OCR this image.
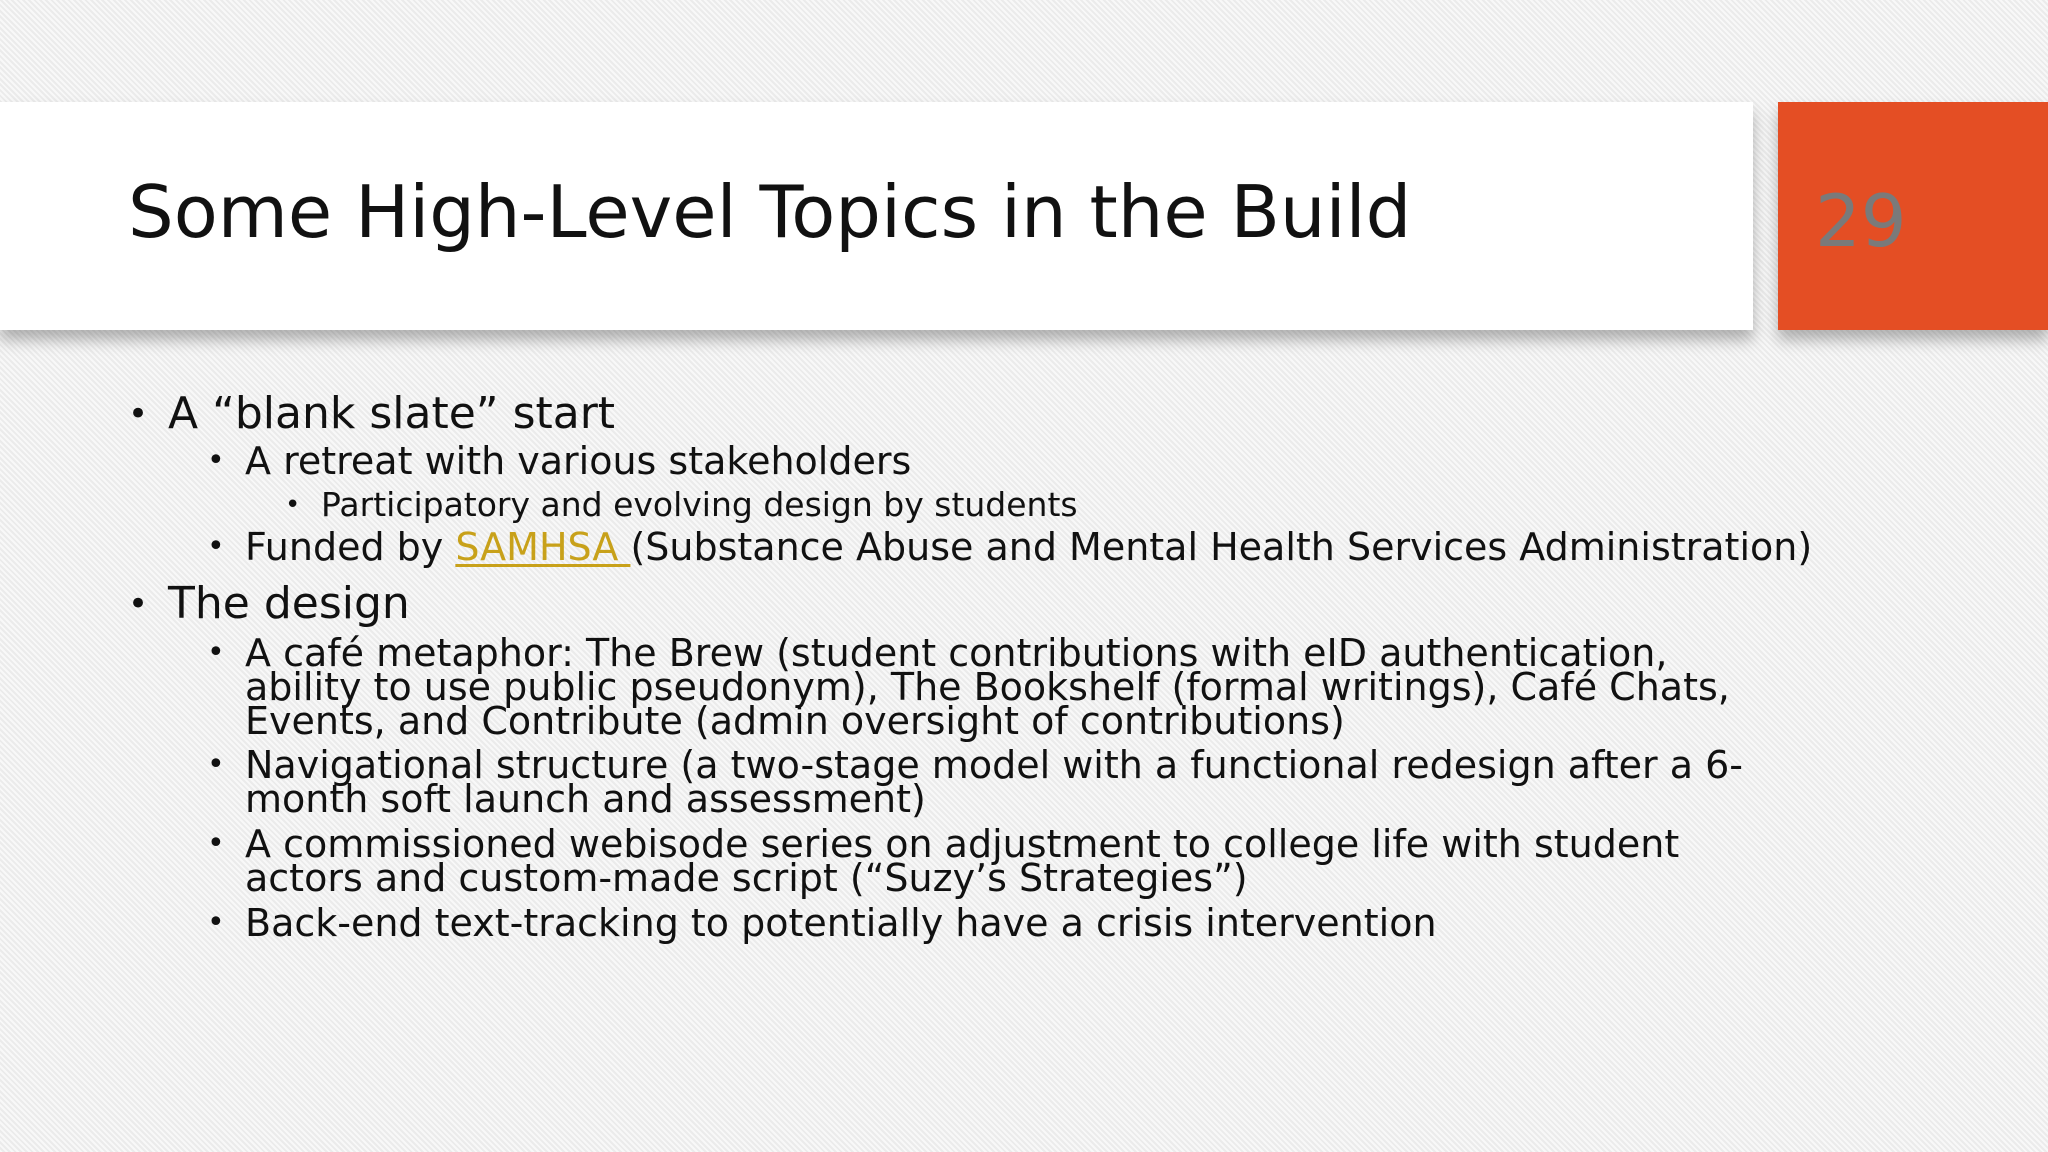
Some High-Level Topics in the Build	29
• A “blank slate” start
• A retreat with various stakeholders
• Participatory and evolving design by students
• Funded by SAMHSA (Substance Abuse and Mental Health Services Administration)
• The design
• A café metaphor: The Brew (student contributions with eID authentication,
ability to use public pseudonym), The Bookshelf (formal writings), Café Chats,
Events, and Contribute (admin oversight of contributions)
• Navigational structure (a two-stage model with a functional redesign after a 6-
month soft launch and assessment)
• A commissioned webisode series on adjustment to college life with student
actors and custom-made script (“Suzy’s Strategies”)
• Back-end text-tracking to potentially have a crisis intervention
